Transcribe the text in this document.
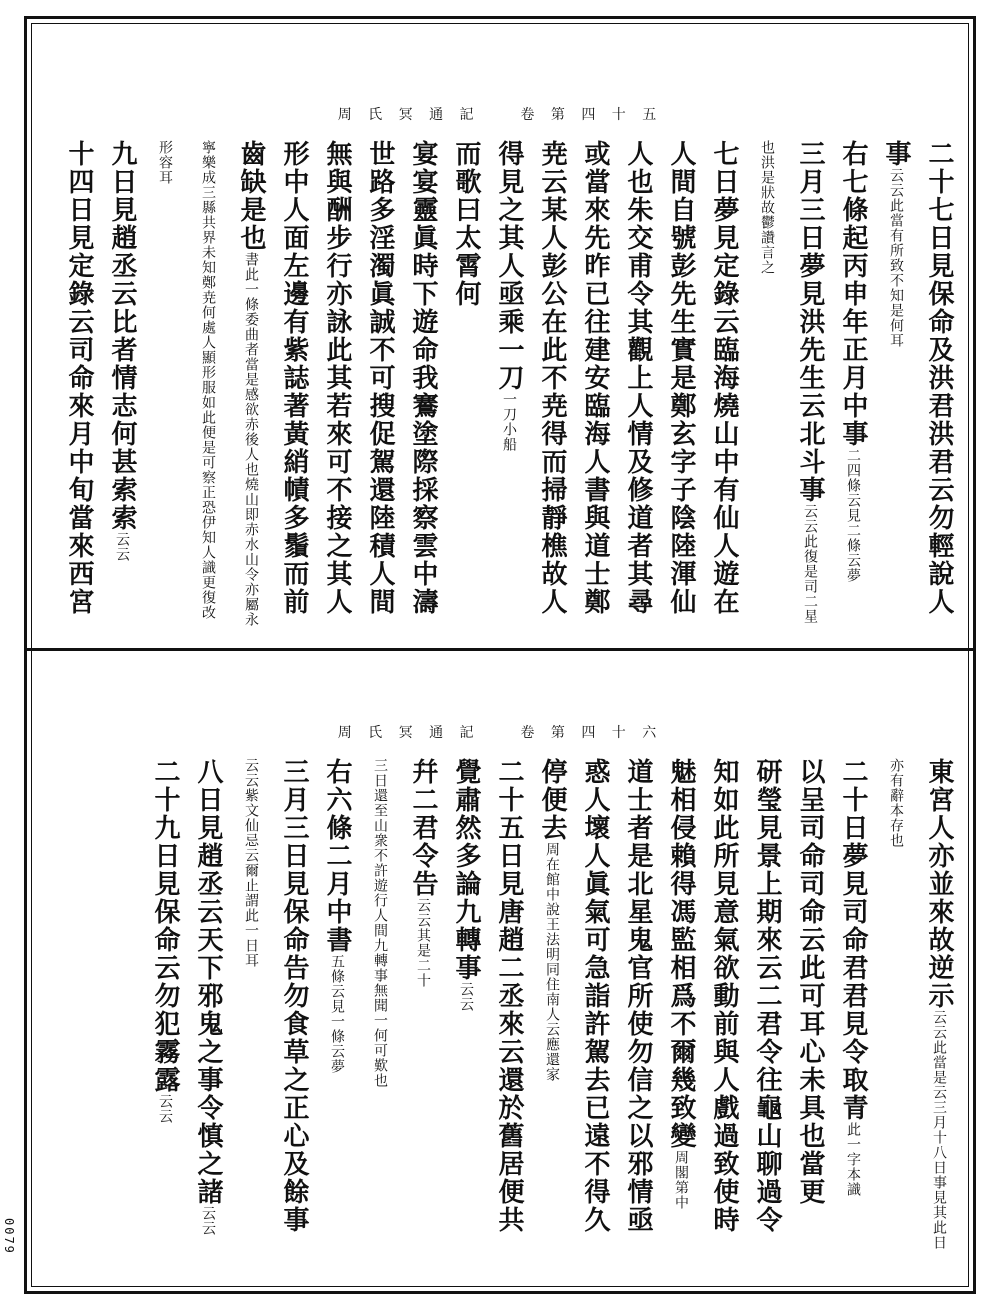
周 氏 冥 通 記 　 卷 第 四 十 五
二十七日見保命及洪君洪君云勿輕說人
事云云此當有所致不知是何耳
右七條起丙申年正月中事二四條云見二條云夢
三月三日夢見洪先生云北斗事云云此復是司二星
也洪是狀故鬱讚言之
七日夢見定錄云臨海燒山中有仙人遊在
人間自號彭先生實是鄭玄字子陰陸渾仙
人也朱交甫令其觀上人情及修道者其尋
或當來先昨已往建安臨海人書與道士鄭
尭云某人彭公在此不尭得而掃靜樵故人
得見之其人亟乘一刀一刀小船
而歌曰太霄何
宴宴靈眞時下遊命我鶱塗際採察雲中濤
世路多淫濁眞誠不可搜促駕還陸積人間
無與酬步行亦詠此其若來可不接之其人
形中人面左邊有紫誌著黃綃幘多鬚而前
齒缺是也書此一條委曲者當是感欲赤後人也燒山即赤水山令亦屬永
寧樂成三縣共界未知鄭尭何處人顯形服如此便是可察正恐伊知人識更復改
形容耳
九日見趙丞云比者情志何甚索索云云
十四日見定錄云司命來月中旬當來西宮
周 氏 冥 通 記 　 卷 第 四 十 六
東宮人亦並來故逆示云云此當是云三月十八日事見其此日
亦有辭本存也
二十日夢見司命君君見令取青此一字本識
以呈司命司命云此可耳心未具也當更
研瑩見景上期來云二君令往龜山聊過令
知如此所見意氣欲動前與人戲過致使時
魅相侵賴得馮監相爲不爾幾致變周閣第中
道士者是北星鬼官所使勿信之以邪情亟
惑人壞人眞氣可急詣許駕去已遠不得久
停便去周在館中說王法明同住南人云應還家
二十五日見唐趙二丞來云還於舊居便共
覺肅然多論九轉事云云
幷二君令告云云其是二十
三日還至山衆不許遊行人間九轉事無聞一何可歎也
右六條二月中書五條云見一條云夢
三月三日見保命告勿食草之正心及餘事
云云紫文仙忌云爾止謂此一日耳
八日見趙丞云天下邪鬼之事令慎之諸云云
二十九日見保命云勿犯霧露云云
0079
